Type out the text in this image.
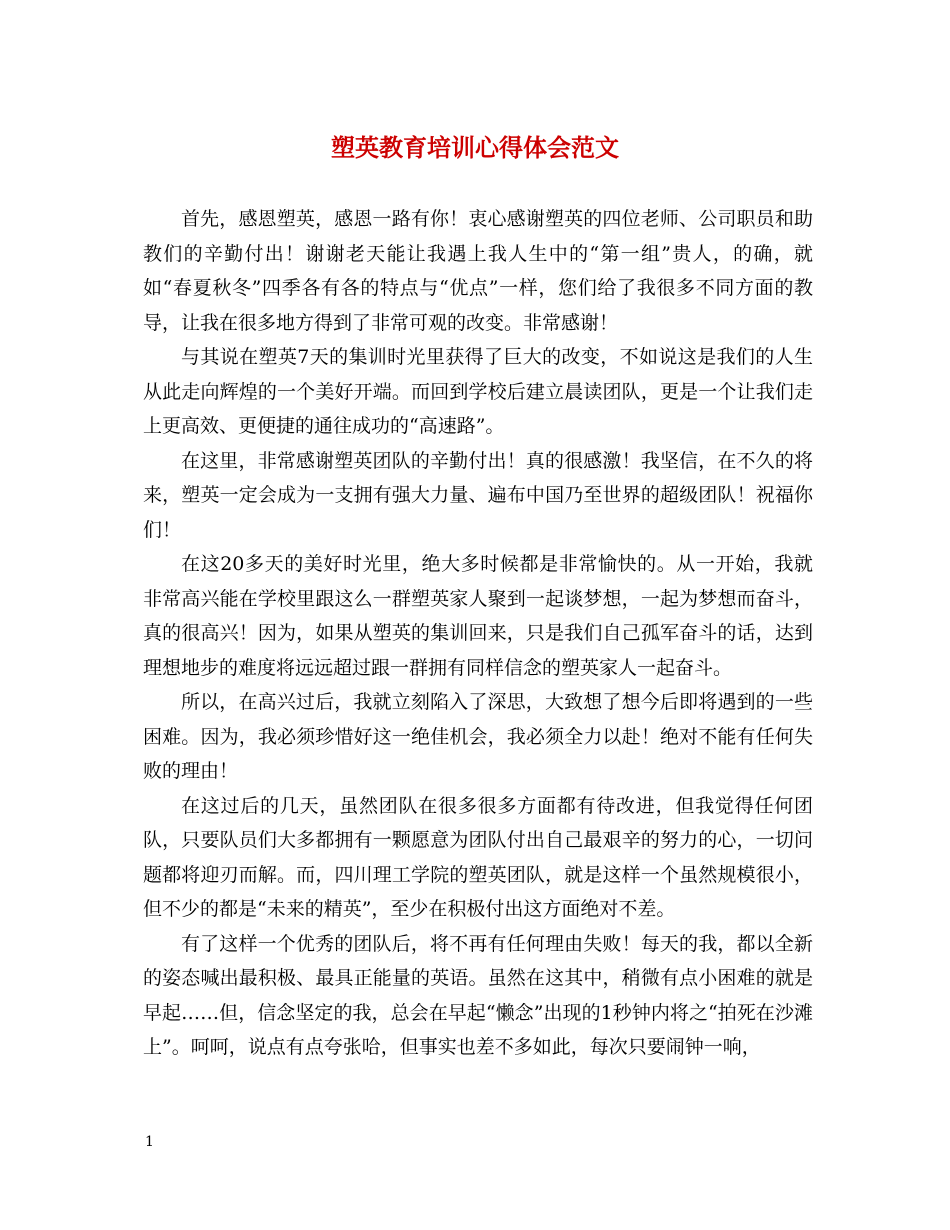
塑英教育培训心得体会范文

首先，感恩塑英，感恩一路有你！衷心感谢塑英的四位老师、公司职员和助教们的辛勤付出！谢谢老天能让我遇上我人生中的“第一组”贵人，的确，就如“春夏秋冬”四季各有各的特点与“优点”一样，您们给了我很多不同方面的教导，让我在很多地方得到了非常可观的改变。非常感谢！

与其说在塑英7天的集训时光里获得了巨大的改变，不如说这是我们的人生从此走向辉煌的一个美好开端。而回到学校后建立晨读团队，更是一个让我们走上更高效、更便捷的通往成功的“高速路”。

在这里，非常感谢塑英团队的辛勤付出！真的很感激！我坚信，在不久的将来，塑英一定会成为一支拥有强大力量、遍布中国乃至世界的超级团队！祝福你们！

在这20多天的美好时光里，绝大多时候都是非常愉快的。从一开始，我就非常高兴能在学校里跟这么一群塑英家人聚到一起谈梦想，一起为梦想而奋斗，真的很高兴！因为，如果从塑英的集训回来，只是我们自己孤军奋斗的话，达到理想地步的难度将远远超过跟一群拥有同样信念的塑英家人一起奋斗。

所以，在高兴过后，我就立刻陷入了深思，大致想了想今后即将遇到的一些困难。因为，我必须珍惜好这一绝佳机会，我必须全力以赴！绝对不能有任何失败的理由！

在这过后的几天，虽然团队在很多很多方面都有待改进，但我觉得任何团队，只要队员们大多都拥有一颗愿意为团队付出自己最艰辛的努力的心，一切问题都将迎刃而解。而，四川理工学院的塑英团队，就是这样一个虽然规模很小，但不少的都是“未来的精英”，至少在积极付出这方面绝对不差。

有了这样一个优秀的团队后，将不再有任何理由失败！每天的我，都以全新的姿态喊出最积极、最具正能量的英语。虽然在这其中，稍微有点小困难的就是早起……但，信念坚定的我，总会在早起“懒念”出现的1秒钟内将之“拍死在沙滩上”。呵呵，说点有点夸张哈，但事实也差不多如此，每次只要闹钟一响，

1
